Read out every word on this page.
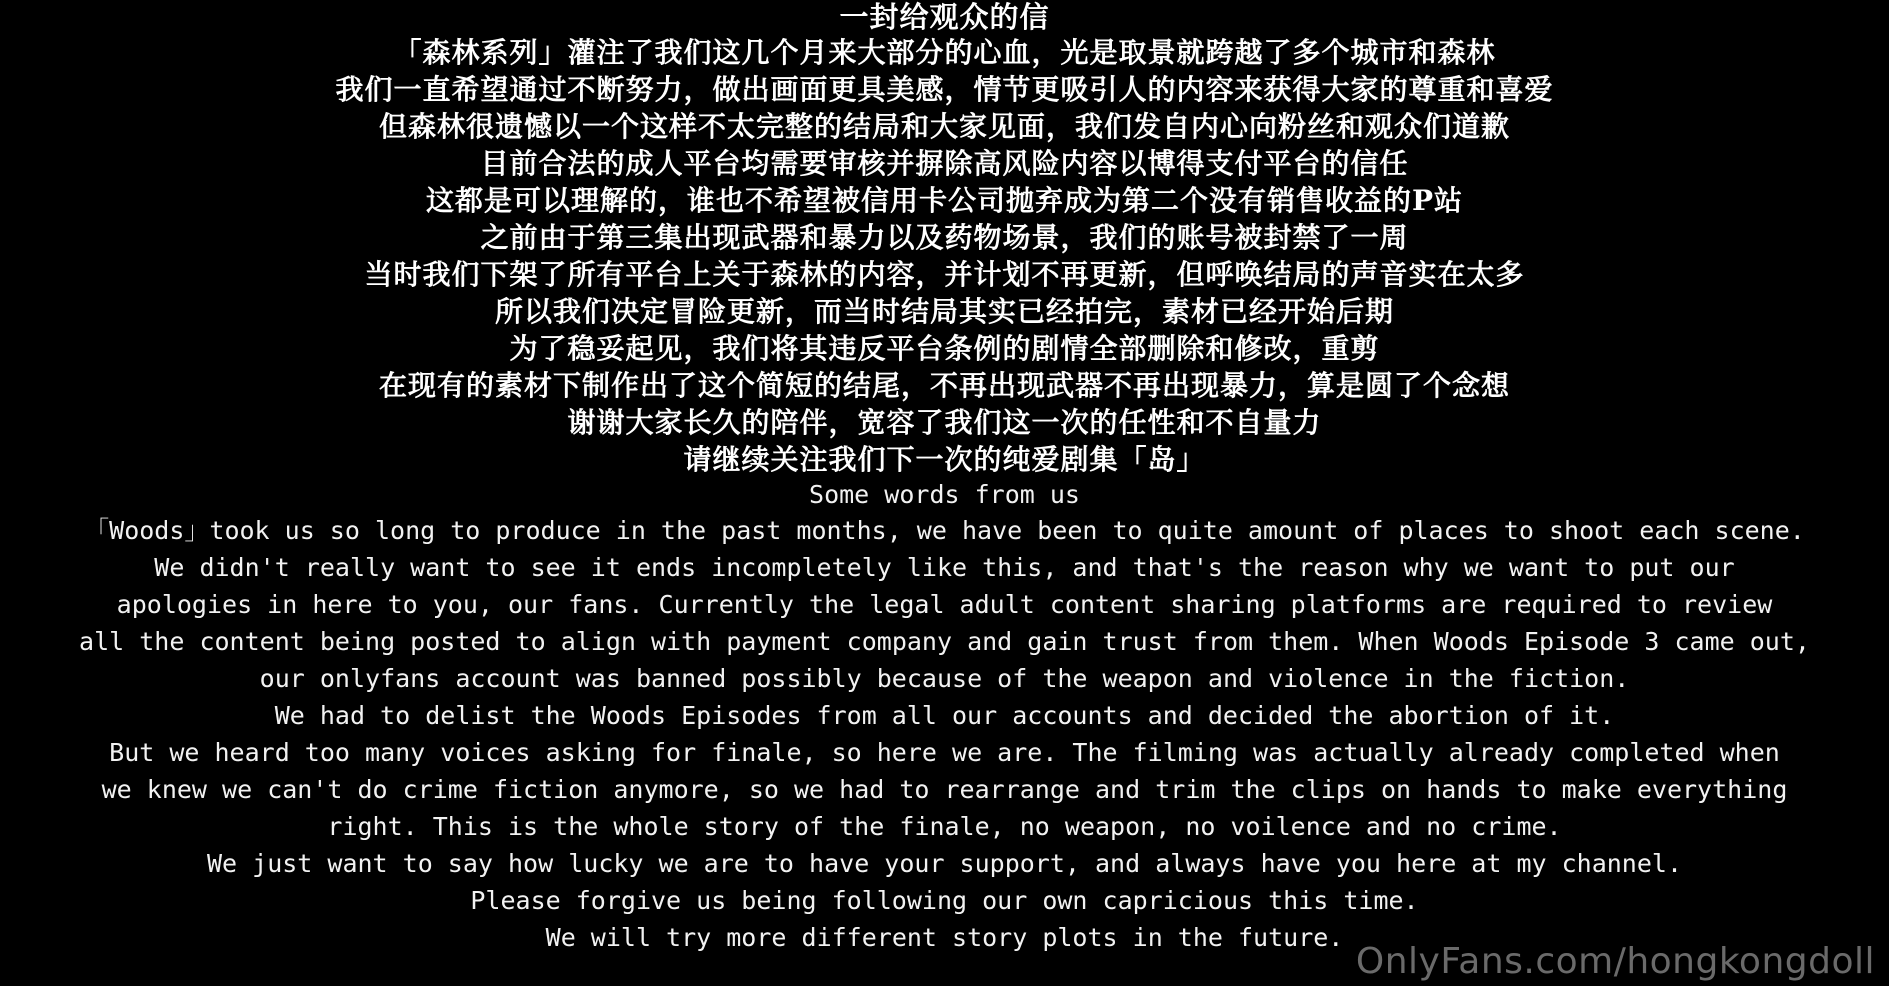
一封给观众的信
「森林系列」灌注了我们这几个月来大部分的心血，光是取景就跨越了多个城市和森林
我们一直希望通过不断努力，做出画面更具美感，情节更吸引人的内容来获得大家的尊重和喜爱
但森林很遗憾以一个这样不太完整的结局和大家见面，我们发自内心向粉丝和观众们道歉
目前合法的成人平台均需要审核并摒除高风险内容以博得支付平台的信任
这都是可以理解的，谁也不希望被信用卡公司抛弃成为第二个没有销售收益的P站
之前由于第三集出现武器和暴力以及药物场景，我们的账号被封禁了一周
当时我们下架了所有平台上关于森林的内容，并计划不再更新，但呼唤结局的声音实在太多
所以我们决定冒险更新，而当时结局其实已经拍完，素材已经开始后期
为了稳妥起见，我们将其违反平台条例的剧情全部删除和修改，重剪
在现有的素材下制作出了这个简短的结尾，不再出现武器不再出现暴力，算是圆了个念想
谢谢大家长久的陪伴，宽容了我们这一次的任性和不自量力
请继续关注我们下一次的纯爱剧集「岛」
Some words from us
「Woods」took us so long to produce in the past months, we have been to quite amount of places to shoot each scene.
We didn't really want to see it ends incompletely like this, and that's the reason why we want to put our
apologies in here to you, our fans. Currently the legal adult content sharing platforms are required to review
all the content being posted to align with payment company and gain trust from them. When Woods Episode 3 came out,
our onlyfans account was banned possibly because of the weapon and violence in the fiction.
We had to delist the Woods Episodes from all our accounts and decided the abortion of it.
But we heard too many voices asking for finale, so here we are. The filming was actually already completed when
we knew we can't do crime fiction anymore, so we had to rearrange and trim the clips on hands to make everything
right. This is the whole story of the finale, no weapon, no voilence and no crime.
We just want to say how lucky we are to have your support, and always have you here at my channel.
Please forgive us being following our own capricious this time.
We will try more different story plots in the future.
OnlyFans.com/hongkongdoll
